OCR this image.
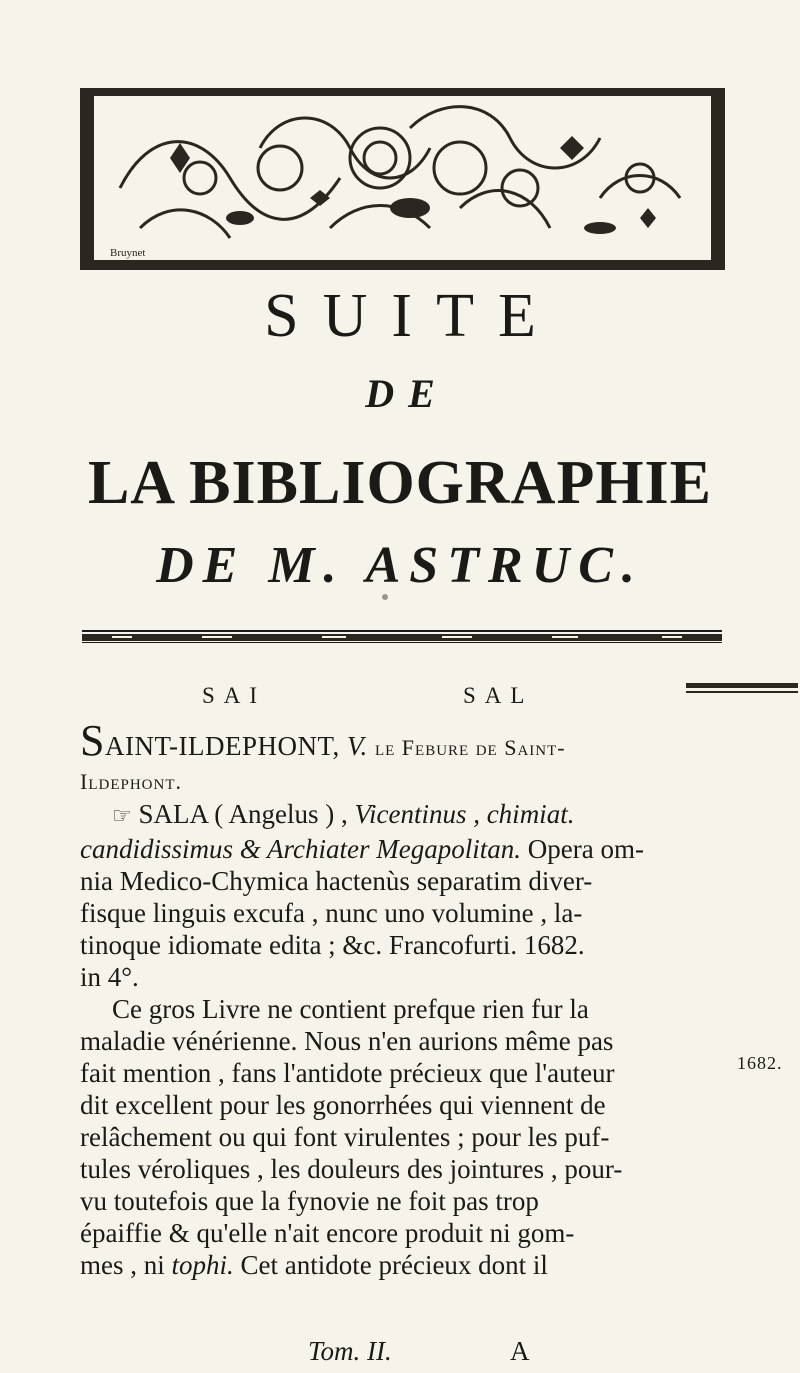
Bruynet
SUITE
DE
LA BIBLIOGRAPHIE
DE M. ASTRUC.
SAI	SAL

SAINT-ILDEPHONT, V. le Febure de Saint-

Ildephont.

☞ SALA ( Angelus ) , Vicentinus , chimiat.
candidissimus & Archiater Megapolitan. Opera om-
nia Medico-Chymica hactenùs separatim diver-
fisque linguis excufa , nunc uno volumine , la-
tinoque idiomate edita ; &c. Francofurti. 1682.
in 4°.

Ce gros Livre ne contient prefque rien fur la
maladie vénérienne. Nous n'en aurions même pas
fait mention , fans l'antidote précieux que l'auteur
dit excellent pour les gonorrhées qui viennent de
relâchement ou qui font virulentes ; pour les puf-
tules véroliques , les douleurs des jointures , pour-
vu toutefois que la fynovie ne foit pas trop
épaiffie & qu'elle n'ait encore produit ni gom-
mes , ni tophi. Cet antidote précieux dont il

1682.
Tom. II.	A
